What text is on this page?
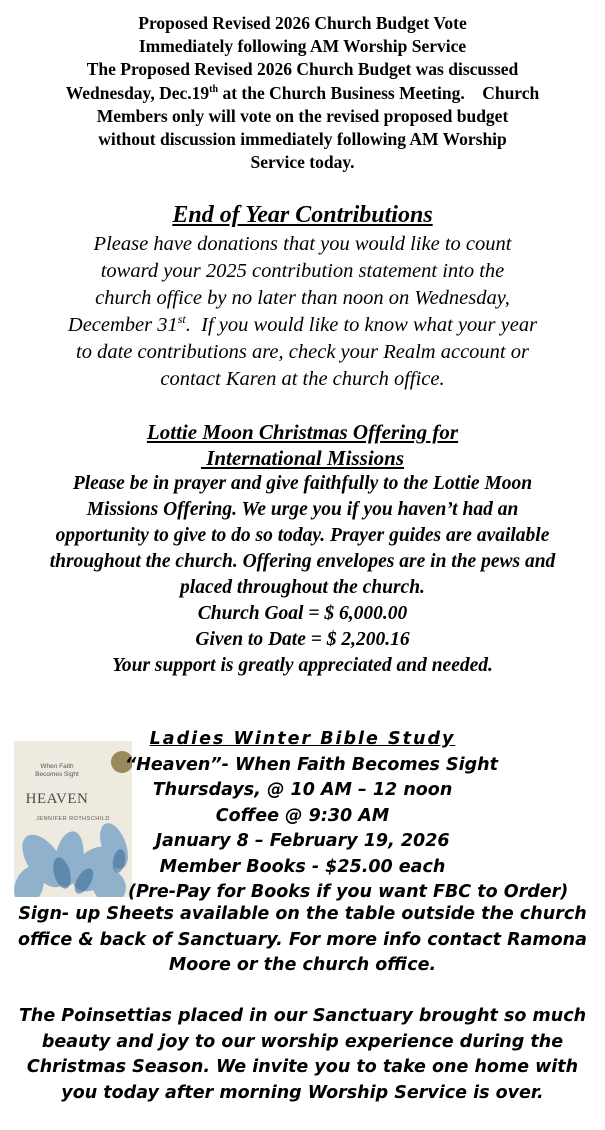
Proposed Revised 2026 Church Budget Vote
Immediately following AM Worship Service
The Proposed Revised 2026 Church Budget was discussed
Wednesday, Dec.19th at the Church Business Meeting.    Church
Members only will vote on the revised proposed budget
without discussion immediately following AM Worship
Service today.
End of Year Contributions
Please have donations that you would like to count
toward your 2025 contribution statement into the
church office by no later than noon on Wednesday,
December 31st.  If you would like to know what your year
to date contributions are, check your Realm account or
contact Karen at the church office.
Lottie Moon Christmas Offering for
International Missions
Please be in prayer and give faithfully to the Lottie Moon
Missions Offering. We urge you if you haven’t had an
opportunity to give to do so today. Prayer guides are available
throughout the church. Offering envelopes are in the pews and
placed throughout the church.
Church Goal = $ 6,000.00
Given to Date = $ 2,200.16
Your support is greatly appreciated and needed.
When Faith
Becomes Sight
HEAVEN
JENNIFER ROTHSCHILD
Ladies Winter Bible Study
“Heaven”- When Faith Becomes Sight
Thursdays, @ 10 AM – 12 noon
Coffee @ 9:30 AM
January 8 – February 19, 2026
Member Books - $25.00 each
(Pre-Pay for Books if you want FBC to Order)
Sign- up Sheets available on the table outside the church
office & back of Sanctuary. For more info contact Ramona
Moore or the church office.
The Poinsettias placed in our Sanctuary brought so much
beauty and joy to our worship experience during the
Christmas Season. We invite you to take one home with
you today after morning Worship Service is over.
